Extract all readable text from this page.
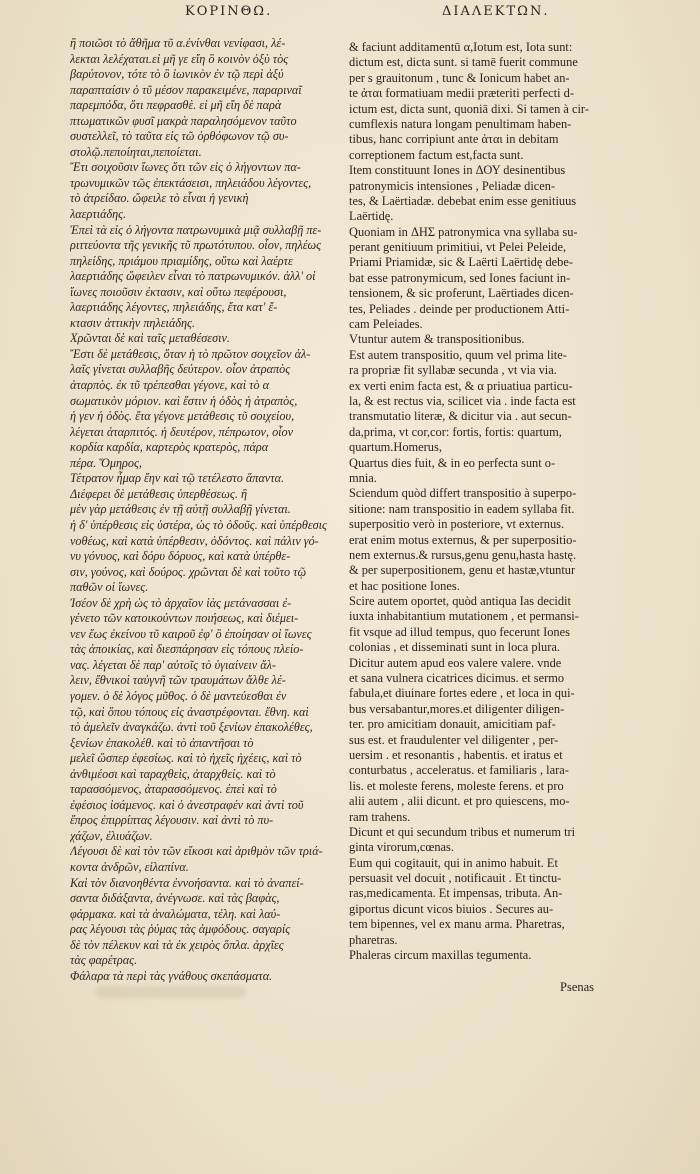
ΚΟΡΙΝΘΩ.	ΔΙΑΛΕΚΤΩΝ.
ἢ ποιῶσι τὸ ἄθῆμα τῦ α.ἐνίνθαι νενίφασι, λέ-
λεκται λελέχαται.εἰ μῆ γε εἴη ὃ κοινὸν ὀξὺ τὸς
βαρύτονον, τότε τὸ ὃ ἰωνικὸν ἐν τῷ περὶ ἀξύ
παραπταίσιν ὁ τῦ μέσον παρακειμένε, παραριναῖ
παρεμπόδα, ὅτι πεφρασθὲ. εἰ μῆ εἴη δὲ παρὰ
πτωματικῶν φυσῖ μακρὰ παραλησόμενον ταῦτο
συστελλεῖ, τὸ ταῦτα εἰς τῶ ὀρθόφωνον τῷ συ-
στολῷ.πεποίηται,πεποίεται.
Ἔτι σοιχοῦσιν ἴωνες ὅτι τῶν εἰς ὁ λήγοντων πα-
τρωνυμικῶν τῶς ἐπεκτάσεισι, πηλειάδου λέγοντες,
τὸ ἀτρείδαο. ὤφειλε τὸ εἶναι ἡ γενικὴ
λαερτιάδης.
Ἐπεὶ τὰ εἰς ὁ λήγοντα πατρωνυμικὰ μιᾷ συλλαβῇ πε-
ριττεύοντα τῆς γενικῆς τῦ πρωτότυπου. οἷον, πηλέως
πηλείδης, πριάμου πριαμίδης, οὕτω καὶ λαέρτε
λαερτιάδης ὤφειλεν εἶναι τὸ πατρωνυμικόν. ἀλλ' οἱ
ἴωνες ποιοῦσιν ἐκτασιν, καὶ οὕτω πεφέρουσι,
λαερτιάδης λέγοντες, πηλειάδης, ἔτα κατ' ἔ-
κτασιν ἀττικὴν πηλειάδης.
Χρῶνται δὲ καὶ ταῖς μεταθέσεσιν.
Ἔστι δὲ μετάθεσις, ὅταν ἡ τὸ πρῶτον σοιχεῖον ἀλ-
λαῖς γίνεται συλλαβῆς δεύτερον. οἷον ἀτραπὸς
ἀταρπὸς. ἐκ τῦ τρέπεσθαι γέγονε, καὶ τὸ α
σωματικὸν μόριον. καὶ ἔστιν ἡ ὁδὸς ἡ ἀτραπὸς,
ἡ γεν ἡ ὁδὸς. ἔτα γέγονε μετάθεσις τῦ σοιχείου,
λέγεται ἀταρπιτός. ἡ δευτέρον, πέπρωτον, οἷον
κορδία καρδία, καρτερὸς κρατερὸς, πάρα
πέρα. Ὅμηρος,
Τέτρατον ἦμαρ ἔην καὶ τῷ τετέλεστο ἅπαντα.
Διέφερει δὲ μετάθεσις ὑπερθέσεως. ἢ
μὲν γὰρ μετάθεσις ἐν τῇ αὐτῇ συλλαβῇ γίνεται.
ἡ δ' ὑπέρθεσις εἰς ὑστέρα, ὡς τὸ ὁδοῦς. καὶ ὑπέρθεσις
νοθέως, καὶ κατὰ ὑπέρθεσιν, ὀδόντος. καὶ πάλιν γό-
νυ γόνυος, καὶ δόρυ δόρυος, καὶ κατὰ ὑπέρθε-
σιν, γούνος, καὶ δούρος. χρῶνται δὲ καὶ τοῦτο τῷ
παθῶν οἱ ἴωνες.
Ἰσέον δὲ χρὴ ὡς τὸ ἀρχαῖον ἰὰς μετάνασσαι ἐ-
γένετο τῶν κατοικούντων ποιήσεως, καὶ διέμει-
νεν ἕως ἐκείνου τῦ καιροῦ ἐφ' ὃ ἐποίησαν οἱ ἴωνες
τὰς ἀποικίας, καὶ διεσπάρησαν εἰς τόπους πλείο-
νας. λέγεται δὲ παρ' αὐτοῖς τὸ ὑγιαίνειν ἄλ-
λειν, ἔθνικοὶ ταὐγνῆ τῶν τραυμάτων ἄλθε λέ-
γομεν. ὁ δὲ λόγος μῦθος. ὁ δὲ μαντεύεσθαι ἐν
τῷ, καὶ ὅπου τόπους εἰς ἀναστρέφονται. ἔθνη. καὶ
τὸ ἀμελεῖν ἀναγκάζω. ἀντὶ τοῦ ξενίων ἐπακολέθες,
ξενίων ἐπακολέθ. καὶ τὸ ἀπαντῆσαι τὸ
μελεῖ ὥσπερ ἐφεσίως. καὶ τὸ ἠχεῖς ἠχέεις, καὶ τὸ
ἀνθιμέοσι καὶ ταραχθεὶς, ἀταρχθείς. καὶ τὸ
ταρασσόμενος, ἀταρασσόμενος. ἐπεὶ καὶ τὸ
ἐφέσιος ἰσάμενος. καὶ ὁ ἀνεστραφέν καὶ ἀντὶ τοῦ
ἔπρος ἐπιρρίπτας λέγουσιν. καὶ ἀντὶ τὸ πυ-
χάζων, ἐλιυάζων.
Λέγουσι δὲ καὶ τὸν τῶν εἴκοσι καὶ ἀριθμὸν τῶν τριά-
κοντα ἀνδρῶν, εἰλαπίνα.
Καὶ τὸν διανοηθέντα ἐννοήσαντα. καὶ τὸ ἀναπεί-
σαντα διδάξαντα, ἀνέγνωσε. καὶ τὰς βαφὰς,
φάρμακα. καὶ τὰ ἀναλώματα, τέλη. καὶ λαύ-
ρας λέγουσι τὰς ῥύμας τὰς ἀμφόδους. σαγαρίς
δὲ τὸν πέλεκυν καὶ τὰ ἐκ χειρὸς ὅπλα. ἀρχῖες
τὰς φαρέτρας.
Φάλαρα τὰ περὶ τὰς γνάθους σκεπάσματα.
& faciunt additamentū α,Iotum est, Iota sunt:
dictum est, dicta sunt. si tamē fuerit commune
per s grauitonum , tunc & Ionicum habet an-
te ἀται formatiuam medii præteriti perfecti d-
ictum est, dicta sunt, quoniā dixi. Si tamen à cir-
cumflexis natura longam penultimam haben-
tibus, hanc corripiunt ante ἀται in debitam
correptionem factum est,facta sunt.
Item constituunt Iones in ΔΟΥ desinentibus
patronymicis intensiones , Peliadæ dicen-
tes, & Laërtiadæ. debebat enim esse genitiuus
Laërtidę.
Quoniam in ΔΗΣ patronymica vna syllaba su-
perant genitiuum primitiui, vt Pelei Peleide,
Priami Priamidæ, sic & Laërti Laërtidę debe-
bat esse patronymicum, sed Iones faciunt in-
tensionem, & sic proferunt, Laërtiades dicen-
tes, Peliades . deinde per productionem Atti-
cam Peleiades.
Vtuntur autem & transpositionibus.
Est autem transpositio, quum vel prima lite-
ra propriæ fit syllabæ secunda , vt via via.
ex verti enim facta est, & α priuatiua particu-
la, & est rectus via, scilicet via . inde facta est
transmutatio literæ, & dicitur via . aut secun-
da,prima, vt cor,cor: fortis, fortis: quartum,
quartum.Homerus,
Quartus dies fuit, & in eo perfecta sunt o-
mnia.
Sciendum quòd differt transpositio à superpo-
sitione: nam transpositio in eadem syllaba fit.
superpositio verò in posteriore, vt externus.
erat enim motus externus, & per superpositio-
nem externus.& rursus,genu genu,hasta hastę.
& per superpositionem, genu et hastæ,vtuntur
et hac positione Iones.
Scire autem oportet, quòd antiqua Ias decidit
iuxta inhabitantium mutationem , et permansi-
fit vsque ad illud tempus, quo fecerunt Iones
colonias , et disseminati sunt in loca plura.
Dicitur autem apud eos valere valere. vnde
et sana vulnera cicatrices dicimus. et sermo
fabula,et diuinare fortes edere , et loca in qui-
bus versabantur,mores.et diligenter diligen-
ter. pro amicitiam donauit, amicitiam paf-
sus est. et fraudulenter vel diligenter , per-
uersim . et resonantis , habentis. et iratus et
conturbatus , acceleratus. et familiaris , lara-
lis. et moleste ferens, moleste ferens. et pro
alii autem , alii dicunt. et pro quiescens, mo-
ram trahens.
Dicunt et qui secundum tribus et numerum tri
ginta virorum,cœnas.
Eum qui cogitauit, qui in animo habuit. Et
persuasit vel docuit , notificauit . Et tinctu-
ras,medicamenta. Et impensas, tributa. An-
giportus dicunt vicos biuios . Secures au-
tem bipennes, vel ex manu arma. Pharetras,
pharetras.
Phaleras circum maxillas tegumenta.
Psenas
